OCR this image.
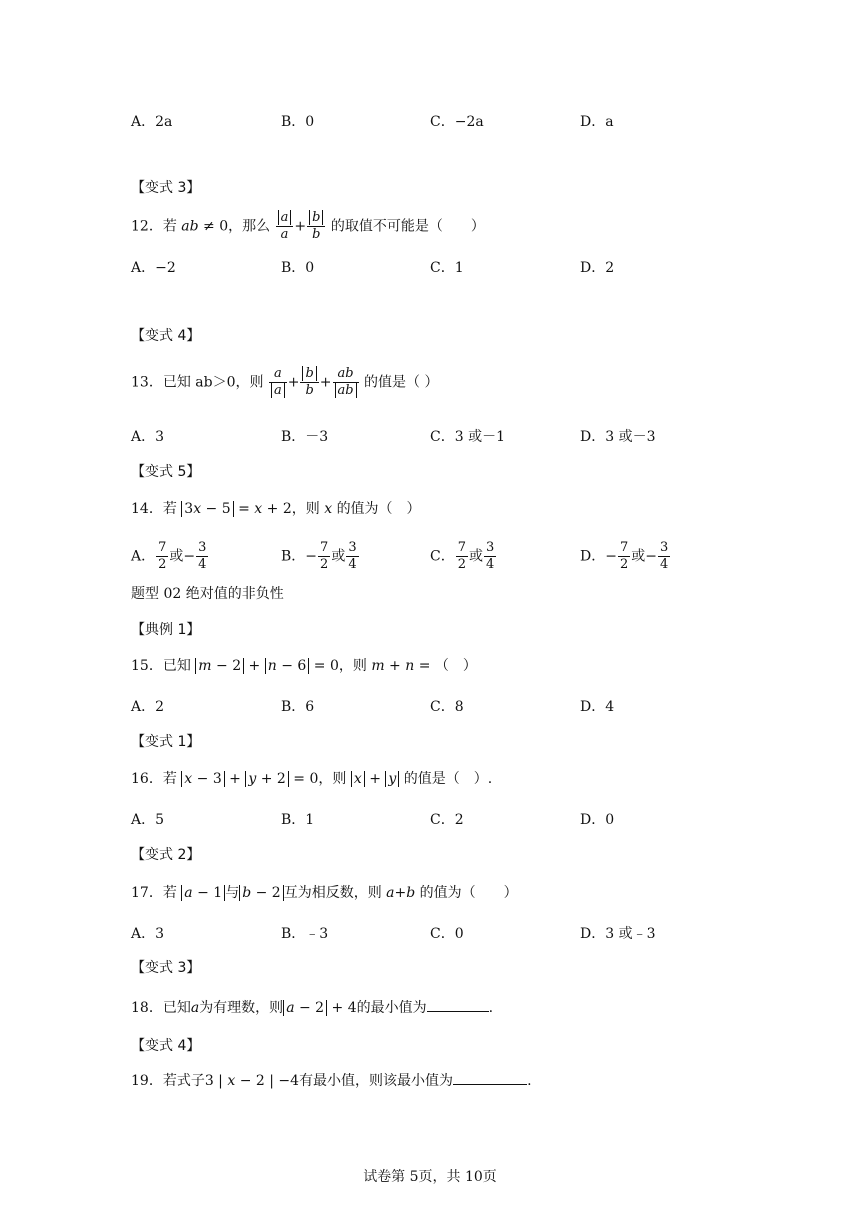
A．2a	B．0	C．−2a	D．a
【变式 3】
12．若 ab ≠ 0，那么 $\frac{a}{a} + \frac{b}{b}$ 的取值不可能是（　　）
A．−2	B．0	C．1	D．2
【变式 4】
13．已知 ab＞0，则 $\frac{a}{a} + \frac{b}{b} + \frac{ab}{ab}$ 的值是（ ）
A．3	B．－3	C．3 或－1	D．3 或－3
【变式 5】
14．若 3x − 5 = x + 2，则 x 的值为（　）
A． $\frac{7}{2}$ 或− $\frac{3}{4}$	B．− $\frac{7}{2}$ 或 $\frac{3}{4}$	C． $\frac{7}{2}$ 或 $\frac{3}{4}$	D．− $\frac{7}{2}$ 或− $\frac{3}{4}$
题型 02 绝对值的非负性
【典例 1】
15．已知 m − 2 + n − 6 = 0，则 m + n = （　）
A．2	B．6	C．8	D．4
【变式 1】
16．若 x − 3 + y + 2 = 0，则 x + y 的值是（　）.
A．5	B．1	C．2	D．0
【变式 2】
17．若 a − 1 与 b − 2 互为相反数，则 a+b 的值为（　　）
A．3	B．﹣3	C．0	D．3 或﹣3
【变式 3】
18．已知a为有理数，则 a − 2 + 4的最小值为	.
【变式 4】
19．若式子3 | x − 2 | −4有最小值，则该最小值为	.
试卷第 5页，共 10页
